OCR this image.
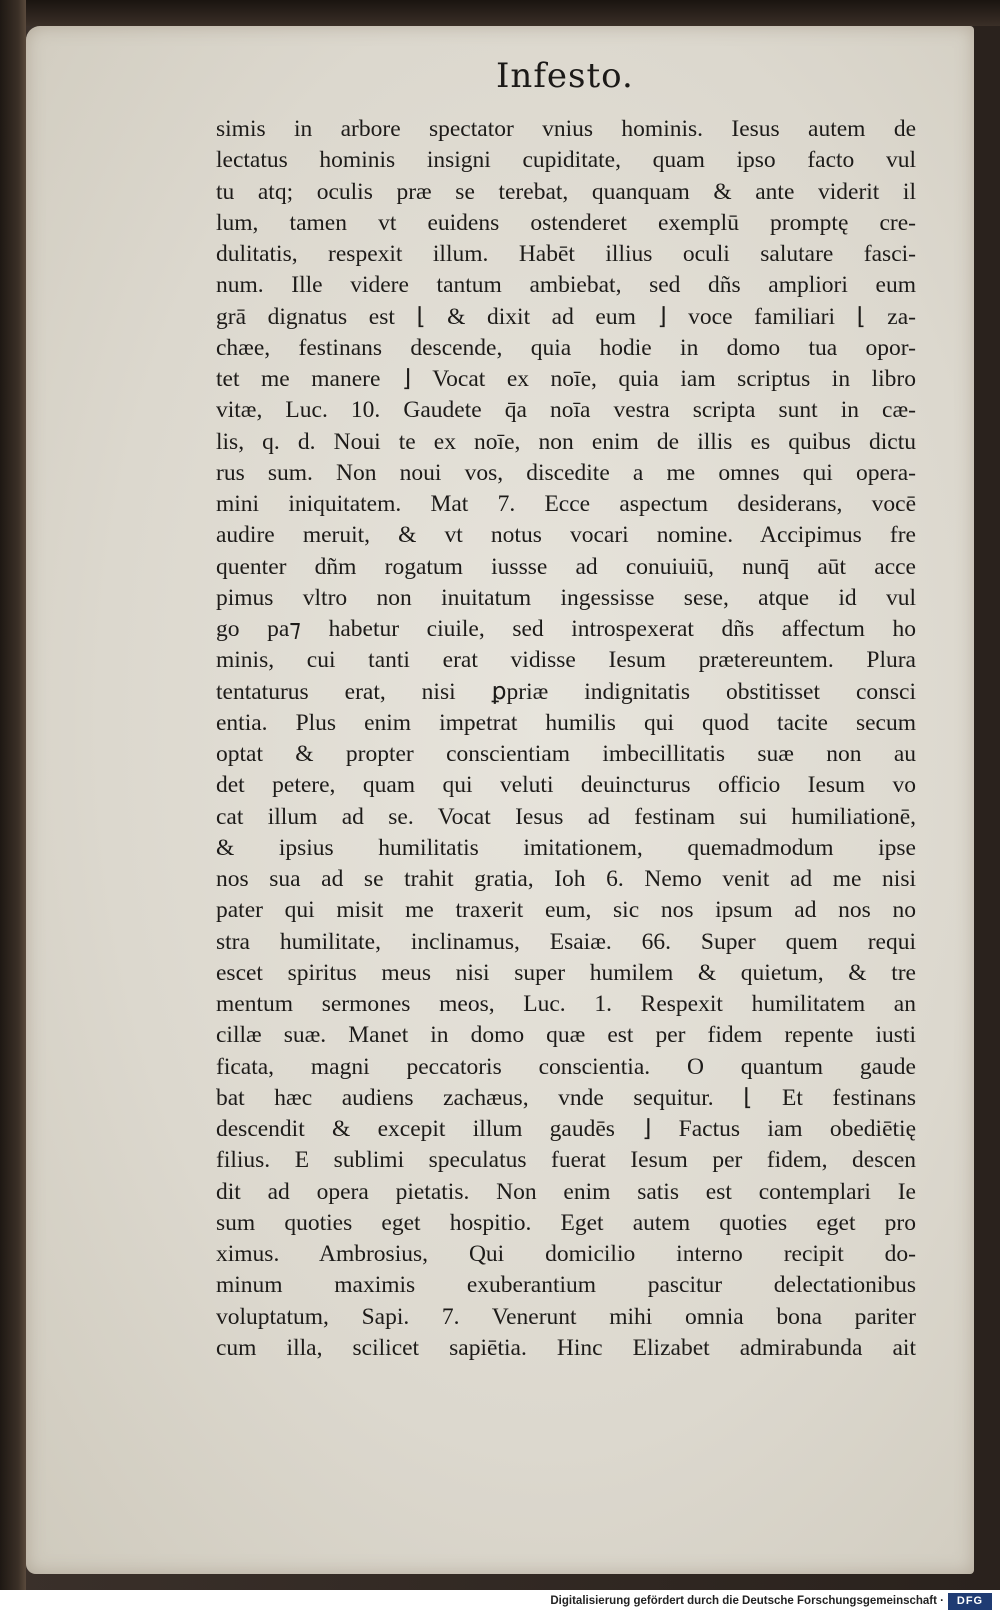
Infesto.
simis in arbore spectator vnius hominis. Iesus autem de
lectatus hominis insigni cupiditate, quam ipso facto vul
tu atq; oculis præ se terebat, quanquam & ante viderit il
lum, tamen vt euidens ostenderet exemplū promptę cre-
dulitatis, respexit illum. Habēt illius oculi salutare fasci-
num. Ille videre tantum ambiebat, sed dñs ampliori eum
grā dignatus est ⌊ & dixit ad eum ⌋ voce familiari ⌊ za-
chæe, festinans descende, quia hodie in domo tua opor-
tet me manere ⌋ Vocat ex noīe, quia iam scriptus in libro
vitæ, Luc. 10. Gaudete q̄a noīa vestra scripta sunt in cæ-
lis, q. d. Noui te ex noīe, non enim de illis es quibus dictu
rus sum. Non noui vos, discedite a me omnes qui opera-
mini iniquitatem. Mat 7. Ecce aspectum desiderans, vocē
audire meruit, & vt notus vocari nomine. Accipimus fre
quenter dñm rogatum iussse ad conuiuiū, nunq̄ aūt acce
pimus vltro non inuitatum ingessisse sese, atque id vul
go pa⁊ habetur ciuile, sed introspexerat dñs affectum ho
minis, cui tanti erat vidisse Iesum prætereuntem. Plura
tentaturus erat, nisi ꝑpriæ indignitatis obstitisset consci
entia. Plus enim impetrat humilis qui quod tacite secum
optat & propter conscientiam imbecillitatis suæ non au
det petere, quam qui veluti deuincturus officio Iesum vo
cat illum ad se. Vocat Iesus ad festinam sui humiliationē,
& ipsius humilitatis imitationem, quemadmodum ipse
nos sua ad se trahit gratia, Ioh 6. Nemo venit ad me nisi
pater qui misit me traxerit eum, sic nos ipsum ad nos no
stra humilitate, inclinamus, Esaiæ. 66. Super quem requi
escet spiritus meus nisi super humilem & quietum, & tre
mentum sermones meos, Luc. 1. Respexit humilitatem an
cillæ suæ. Manet in domo quæ est per fidem repente iusti
ficata, magni peccatoris conscientia. O quantum gaude
bat hæc audiens zachæus, vnde sequitur. ⌊ Et festinans
descendit & excepit illum gaudēs ⌋ Factus iam obediētię
filius. E sublimi speculatus fuerat Iesum per fidem, descen
dit ad opera pietatis. Non enim satis est contemplari Ie
sum quoties eget hospitio. Eget autem quoties eget pro
ximus. Ambrosius, Qui domicilio interno recipit do-
minum maximis exuberantium pascitur delectationibus
voluptatum, Sapi. 7. Venerunt mihi omnia bona pariter
cum illa, scilicet sapiētia. Hinc Elizabet admirabunda ait
Digitalisierung gefördert durch die Deutsche Forschungsgemeinschaft ·	DFG
